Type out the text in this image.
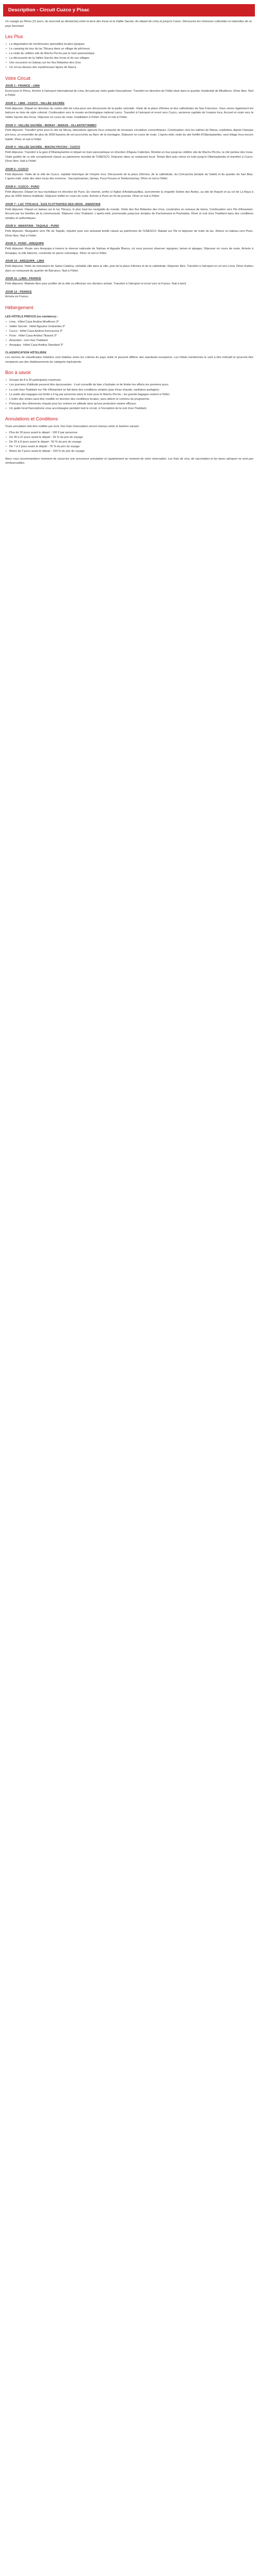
Description - Circuit Cuzco y Pisac

Un voyage au Pérou (11 jours, du mercredi au dimanche) entre la terre des Incas et la Vallée Sacrée. Au départ de Lima et jusqu'à Cuzco. Découvrez les richesses culturelles et naturelles de ce pays fascinant.

Les Plus
• La dégustation de nombreuses spécialités locales typiques
• Le camping de tour du lac Titicaca dans un village de pêcheurs
• La visite du célèbre site de Machu Picchu par le train panoramique
• La découverte de la Vallée Sacrée des Incas et de ses villages
• Une excursion en bateau sur les îles flottantes des Uros
• Un vol au-dessus des mystérieuses lignes de Nazca
Votre Circuit
JOUR 1 : FRANCE - LIMA
Envol pour le Pérou. Arrivée à l'aéroport international de Lima. Accueil par notre guide francophone. Transfert en direction de l'hôtel situé dans le quartier résidentiel de Miraflores. Dîner libre. Nuit à l'hôtel.
JOUR 2 : LIMA - CUZCO - VALLÉE SACRÉE
Petit déjeuner. Départ en direction du centre-ville de Lima pour une découverte de la partie coloniale. Visite de la place d'Armes et des cathédrales de San Francisco. Vous verrez également les balcons en bois de style colonial. Continuation vers le musée archéologique national Larco. Transfert à l'aéroport et envol vers Cuzco, ancienne capitale de l'empire Inca. Accueil et route vers la Vallée Sacrée des Incas. Déjeuner en cours de route. Installation à l'hôtel. Dîner et nuit à l'hôtel.
JOUR 3 : VALLÉE SACRÉE : MORAY - MARAS - OLLANTAYTAMBO
Petit déjeuner. Transfert privé pour le site de Moray, laboratoire agricole Inca composé de terrasses circulaires concentriques. Continuation vers les salines de Maras, exploitées depuis l'époque pré-inca, un ensemble de plus de 3000 bassins de sel accrochés au flanc de la montagne. Déjeuner en cours de route. L'après-midi, visite du site fortifié d'Ollantaytambo, seul village Inca encore habité. Dîner et nuit à l'hôtel.
JOUR 4 : VALLÉE SACRÉE - MACHU PICCHU - CUZCO
Petit déjeuner. Transfert à la gare d'Ollantaytambo et départ en train panoramique en direction d'Aguas Calientes. Montée en bus jusqu'au célèbre site de Machu Picchu, la cité perdue des Incas. Visite guidée de ce site exceptionnel classé au patrimoine mondial de l'UNESCO. Déjeuner dans un restaurant local. Temps libre puis retour en train jusqu'à Ollantaytambo et transfert à Cuzco. Dîner libre. Nuit à l'hôtel.
JOUR 5 : CUZCO
Petit déjeuner. Visite de la ville de Cuzco, capitale historique de l'empire Inca. Découverte de la place d'Armes, de la cathédrale, du Coricancha (temple du Soleil) et du quartier de San Blas. L'après-midi, visite des sites incas des environs : Sacsayhuaman, Qenqo, Puca Pucara et Tambomachay. Dîner et nuit à l'hôtel.
JOUR 6 : CUZCO - PUNO
Petit déjeuner. Départ en bus touristique en direction de Puno. En chemin, arrêts à l'église d'Andahuaylillas, surnommée la chapelle Sixtine des Andes, au site de Raqchi et au col de La Raya à plus de 4300 mètres d'altitude. Déjeuner buffet en cours de route. Arrivée à Puno en fin de journée. Dîner et nuit à l'hôtel.
JOUR 7 : LAC TITICACA - ÎLES FLOTTANTES DES UROS - AMANTANI
Petit déjeuner. Départ en bateau sur le lac Titicaca, le plus haut lac navigable du monde. Visite des îles flottantes des Uros, construites en roseaux de totora. Continuation vers l'île d'Amantani. Accueil par les familles de la communauté. Déjeuner chez l'habitant. L'après-midi, promenade jusqu'aux temples de Pachamama et Pachatata. Dîner et nuit chez l'habitant dans des conditions simples et authentiques.
JOUR 8 : AMANTANI - TAQUILE - PUNO
Petit déjeuner. Navigation vers l'île de Taquile, réputée pour son artisanat textile classé au patrimoine de l'UNESCO. Balade sur l'île et déjeuner de truite du lac. Retour en bateau vers Puno. Dîner libre. Nuit à l'hôtel.
JOUR 9 : PUNO - AREQUIPA
Petit déjeuner. Route vers Arequipa à travers la réserve nationale de Salinas et Aguada Blanca, où vous pourrez observer vigognes, lamas et alpagas. Déjeuner en cours de route. Arrivée à Arequipa, la ville blanche, construite en pierre volcanique. Dîner et nuit à l'hôtel.
JOUR 10 : AREQUIPA - LIMA
Petit déjeuner. Visite du monastère de Santa Catalina, véritable ville dans la ville, puis de la place d'Armes et de la cathédrale. Déjeuner libre. Transfert à l'aéroport et vol vers Lima. Dîner d'adieu dans un restaurant du quartier de Barranco. Nuit à l'hôtel.
JOUR 11 : LIMA - FRANCE
Petit déjeuner. Matinée libre pour profiter de la ville ou effectuer vos derniers achats. Transfert à l'aéroport et envol vers la France. Nuit à bord.
JOUR 12 : FRANCE
Arrivée en France.
Hébergement
LES HÔTELS PRÉVUS (ou similaires) :
• Lima : Hôtel Casa Andina Miraflores 3*
• Vallée Sacrée : Hôtel Agustos Urubamba 3*
• Cuzco : Hôtel Casa Andina Koricancha 3*
• Puno : Hôtel Casa Andina Tikarani 3*
• Amantani : nuit chez l'habitant
• Arequipa : Hôtel Casa Andina Standard 3*
CLASSIFICATION HÔTELIÈRE

Les normes de classification hôtelière sont établies selon les critères du pays visité et peuvent différer des standards européens. Les hôtels mentionnés le sont à titre indicatif et pourront être remplacés par des établissements de catégorie équivalente.

Bon à savoir
• Groupe de 8 à 20 participants maximum.
• Les journées d'altitude peuvent être éprouvantes : il est conseillé de bien s'hydrater et de limiter les efforts les premiers jours.
• La nuit chez l'habitant sur l'île d'Amantani se fait dans des conditions simples (pas d'eau chaude, sanitaires partagés).
• Le poids des bagages est limité à 5 kg par personne dans le train pour le Machu Picchu ; les grands bagages restent à l'hôtel.
• L'ordre des visites peut être modifié en fonction des conditions locales, sans altérer le contenu du programme.
• Prévoyez des vêtements chauds pour les soirées en altitude ainsi qu'une protection solaire efficace.
• Un guide local francophone vous accompagne pendant tout le circuit, à l'exception de la nuit chez l'habitant.
Annulations et Conditions

Toute annulation doit être notifiée par écrit. Des frais d'annulation seront retenus selon le barème suivant :

• Plus de 30 jours avant le départ : 100 € par personne
• De 30 à 21 jours avant le départ : 25 % du prix du voyage
• De 20 à 8 jours avant le départ : 50 % du prix du voyage
• De 7 à 2 jours avant le départ : 75 % du prix du voyage
• Moins de 2 jours avant le départ : 100 % du prix du voyage

Nous vous recommandons vivement de souscrire une assurance annulation et rapatriement au moment de votre réservation. Les frais de visa, de vaccination et les taxes aéroport ne sont pas remboursables.
